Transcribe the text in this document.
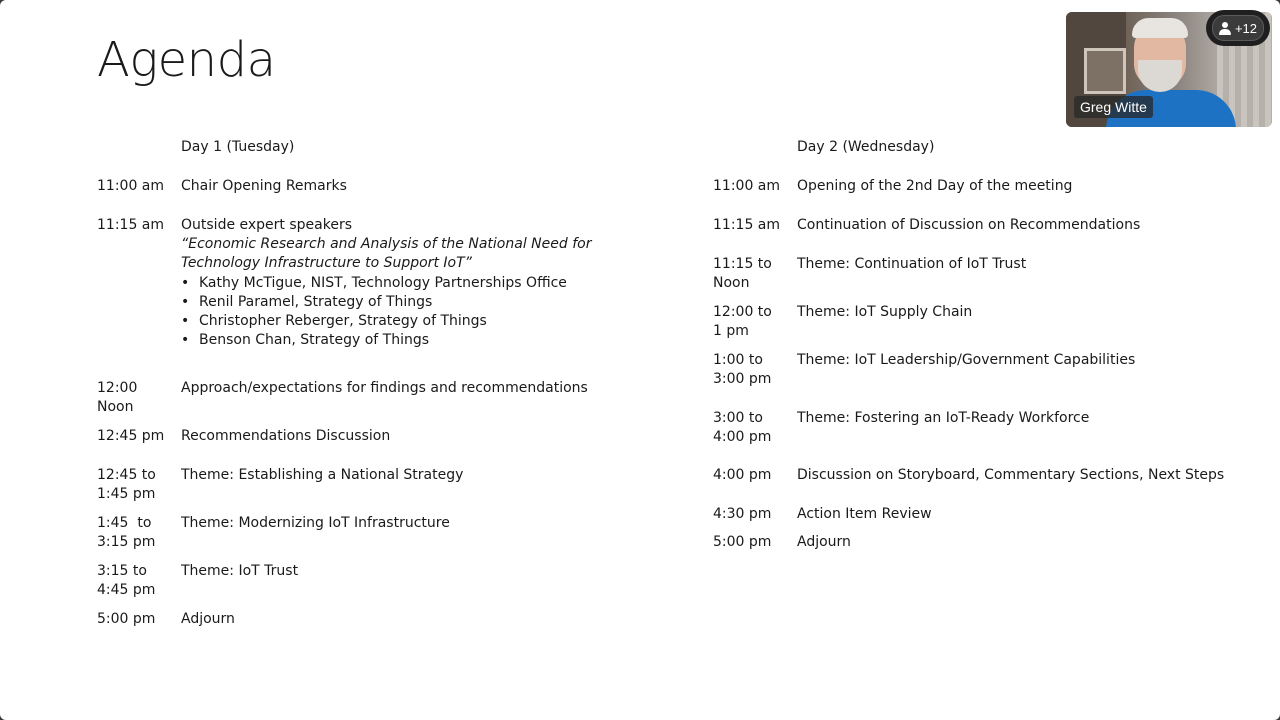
Agenda
Day 1 (Tuesday)
11:00 am Chair Opening Remarks
11:15 am Outside expert speakers
“Economic Research and Analysis of the National Need for
Technology Infrastructure to Support IoT”
• Kathy McTigue, NIST, Technology Partnerships Office
• Renil Paramel, Strategy of Things
• Christopher Reberger, Strategy of Things
• Benson Chan, Strategy of Things
12:00
Noon
Approach/expectations for findings and recommendations
12:45 pm Recommendations Discussion
12:45 to
1:45 pm
Theme: Establishing a National Strategy
1:45  to
3:15 pm
Theme: Modernizing IoT Infrastructure
3:15 to
4:45 pm
Theme: IoT Trust
5:00 pm Adjourn
Day 2 (Wednesday)
11:00 am Opening of the 2nd Day of the meeting
11:15 am Continuation of Discussion on Recommendations
11:15 to
Noon
Theme: Continuation of IoT Trust
12:00 to
1 pm
Theme: IoT Supply Chain
1:00 to
3:00 pm
Theme: IoT Leadership/Government Capabilities
3:00 to
4:00 pm
Theme: Fostering an IoT-Ready Workforce
4:00 pm Discussion on Storyboard, Commentary Sections, Next Steps
4:30 pm Action Item Review
5:00 pm Adjourn
Greg Witte
+12
